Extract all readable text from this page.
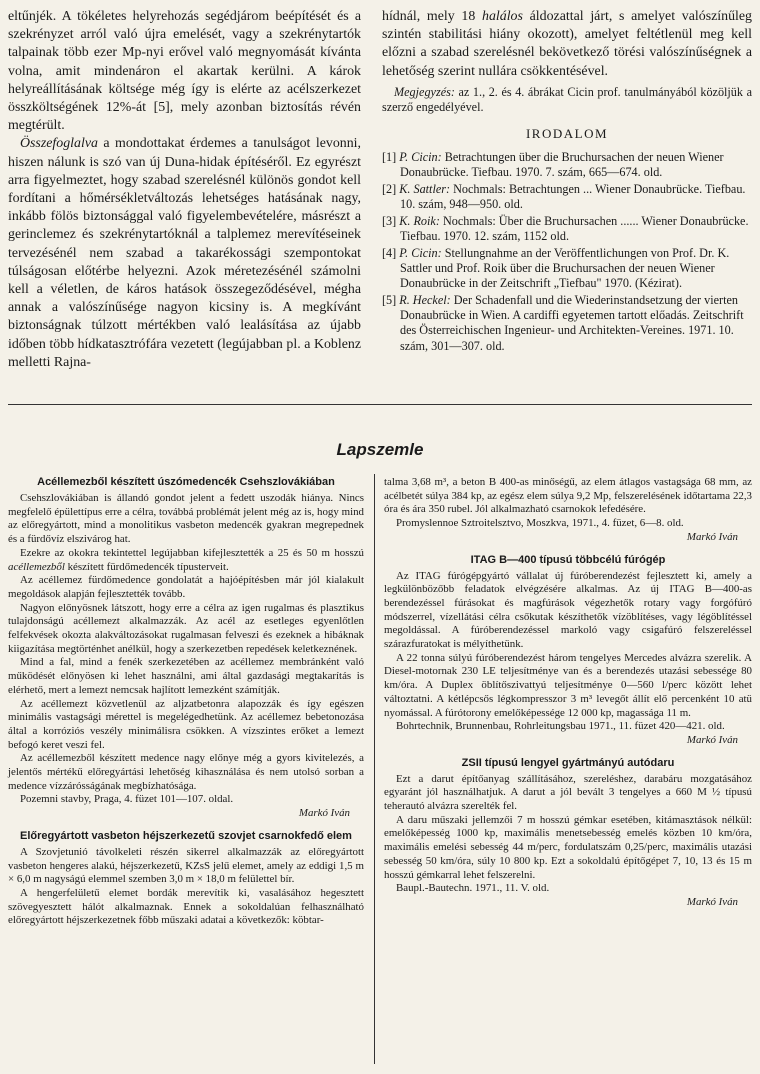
eltűnjék. A tökéletes helyrehozás segédjárom beépítését és a szekrényzet arról való újra emelését, vagy a szekrénytartók talpainak több ezer Mp-nyi erővel való megnyomását kívánta volna, amit mindenáron el akartak kerülni. A károk helyreállításának költsége még így is elérte az acélszerkezet összköltségének 12%-át [5], mely azonban biztosítás révén megtérült.

Összefoglalva a mondottakat érdemes a tanulságot levonni, hiszen nálunk is szó van új Duna-hidak építéséről. Ez egyrészt arra figyelmeztet, hogy szabad szerelésnél különös gondot kell fordítani a hőmérsékletváltozás lehetséges hatásának nagy, inkább fölös biztonsággal való figyelembevételére, másrészt a gerinclemez és szekrénytartóknál a talplemez merevítéseinek tervezésénél nem szabad a takarékossági szempontokat túlságosan előtérbe helyezni. Azok méretezésénél számolni kell a véletlen, de káros hatások összegeződésével, mégha annak a valószínűsége nagyon kicsiny is. A megkívánt biztonságnak túlzott mértékben való lealásítása az újabb időben több hídkatasztrófára vezetett (legújabban pl. a Koblenz melletti Rajna-

hídnál, mely 18 halálos áldozattal járt, s amelyet valószínűleg szintén stabilitási hiány okozott), amelyet feltétlenül meg kell előzni a szabad szerelésnél bekövetkező törési valószínűségnek a lehetőség szerint nullára csökkentésével.

Megjegyzés: az 1., 2. és 4. ábrákat Cicin prof. tanulmányából közöljük a szerző engedélyével.

IRODALOM

[1] P. Cicin: Betrachtungen über die Bruchursachen der neuen Wiener Donaubrücke. Tiefbau. 1970. 7. szám, 665—674. old.

[2] K. Sattler: Nochmals: Betrachtungen ... Wiener Donaubrücke. Tiefbau. 10. szám, 948—950. old.

[3] K. Roik: Nochmals: Über die Bruchursachen ...... Wiener Donaubrücke. Tiefbau. 1970. 12. szám, 1152 old.

[4] P. Cicin: Stellungnahme an der Veröffentlichungen von Prof. Dr. K. Sattler und Prof. Roik über die Bruchursachen der neuen Wiener Donaubrücke in der Zeitschrift „Tiefbau" 1970. (Kézirat).

[5] R. Heckel: Der Schadenfall und die Wiederinstandsetzung der vierten Donaubrücke in Wien. A cardiffi egyetemen tartott előadás. Zeitschrift des Österreichischen Ingenieur- und Architekten-Vereines. 1971. 10. szám, 301—307. old.

Lapszemle

Acéllemezből készített úszómedencék Csehszlovákiában

Csehszlovákiában is állandó gondot jelent a fedett uszodák hiánya. Nincs megfelelő épülettípus erre a célra, továbbá problémát jelent még az is, hogy mind az előregyártott, mind a monolitikus vasbeton medencék gyakran megrepednek és a fürdővíz elszivárog hat.

Ezekre az okokra tekintettel legújabban kifejlesztették a 25 és 50 m hosszú acéllemezből készített fürdőmedencék típusterveit.

Az acéllemez fürdőmedence gondolatát a hajóépítésben már jól kialakult megoldások alapján fejlesztették tovább.

Nagyon előnyösnek látszott, hogy erre a célra az igen rugalmas és plasztikus tulajdonságú acéllemezt alkalmazzák. Az acél az esetleges egyenlőtlen felfekvések okozta alakváltozásokat rugalmasan felveszi és ezeknek a hibáknak kiigazítása megtörténhet anélkül, hogy a szerkezetben repedések keletkeznének.

Mind a fal, mind a fenék szerkezetében az acéllemez membránként való működését előnyösen ki lehet használni, ami által gazdasági megtakarítás is elérhető, mert a lemezt nemcsak hajlított lemezként számítják.

Az acéllemezt közvetlenül az aljzatbetonra alapozzák és így egészen minimális vastagsági mérettel is megelégedhetünk. Az acéllemez bebetonozása által a korróziós veszély minimálisra csökken. A vízszintes erőket a lemezt befogó keret veszi fel.

Az acéllemezből készített medence nagy előnye még a gyors kivitelezés, a jelentős mértékű előregyártási lehetőség kihasználása és nem utolsó sorban a medence vízzárósságának megbízhatósága.

Pozemni stavby, Praga, 4. füzet 101—107. oldal.

Markó Iván

Előregyártott vasbeton héjszerkezetű szovjet csarnokfedő elem

A Szovjetunió távolkeleti részén sikerrel alkalmazzák az előregyártott vasbeton hengeres alakú, héjszerkezetű, KZsS jelű elemet, amely az eddigi 1,5 m × 6,0 m nagyságú elemmel szemben 3,0 m × 18,0 m felülettel bír.

A hengerfelületű elemet bordák merevítik ki, vasalásához hegesztett szövegyesztett hálót alkalmaznak. Ennek a sokoldalúan felhasználható előregyártott héjszerkezetnek főbb műszaki adatai a következők: köbtar-

talma 3,68 m³, a beton B 400-as minőségű, az elem átlagos vastagsága 68 mm, az acélbetét súlya 384 kp, az egész elem súlya 9,2 Mp, felszerelésének időtartama 22,3 óra és ára 350 rubel. Jól alkalmazható csarnokok lefedésére.

Promyslennoe Sztroitelsztvo, Moszkva, 1971., 4. füzet, 6—8. old.

Markó Iván

ITAG B—400 típusú többcélú fúrógép

Az ITAG fúrógépgyártó vállalat új fúróberendezést fejlesztett ki, amely a legkülönbözőbb feladatok elvégzésére alkalmas. Az új ITAG B—400-as berendezéssel fúrásokat és magfúrások végezhetők rotary vagy forgófúró módszerrel, vízellátási célra csőkutak készíthetők vízöblítéses, vagy légöblítéssel megoldással. A fúróberendezéssel markoló vagy csigafúró felszereléssel szárazfuratokat is mélyíthetünk.

A 22 tonna súlyú fúróberendezést három tengelyes Mercedes alvázra szerelik. A Diesel-motornak 230 LE teljesítménye van és a berendezés utazási sebessége 80 km/óra. A Duplex öblítőszivattyú teljesítménye 0—560 l/perc között lehet változtatni. A kétlépcsős légkompresszor 3 m³ levegőt állít elő percenként 10 atü nyomással. A fúrótorony emelőképessége 12 000 kp, magassága 11 m.

Bohrtechnik, Brunnenbau, Rohrleitungsbau 1971., 11. füzet 420—421. old.

Markó Iván

ZSII típusú lengyel gyártmányú autódaru

Ezt a darut építőanyag szállításához, szereléshez, darabáru mozgatásához egyaránt jól használhatjuk. A darut a jól bevált 3 tengelyes a 660 M ½ típusú teherautó alvázra szerelték fel.

A daru műszaki jellemzői 7 m hosszú gémkar esetében, kitámasztások nélkül: emelőképesség 1000 kp, maximális menetsebesség emelés közben 10 km/óra, maximális emelési sebesség 44 m/perc, fordulatszám 0,25/perc, maximális utazási sebesség 50 km/óra, súly 10 800 kp. Ezt a sokoldalú építőgépet 7, 10, 13 és 15 m hosszú gémkarral lehet felszerelni.

Baupl.-Bautechn. 1971., 11. V. old.

Markó Iván
